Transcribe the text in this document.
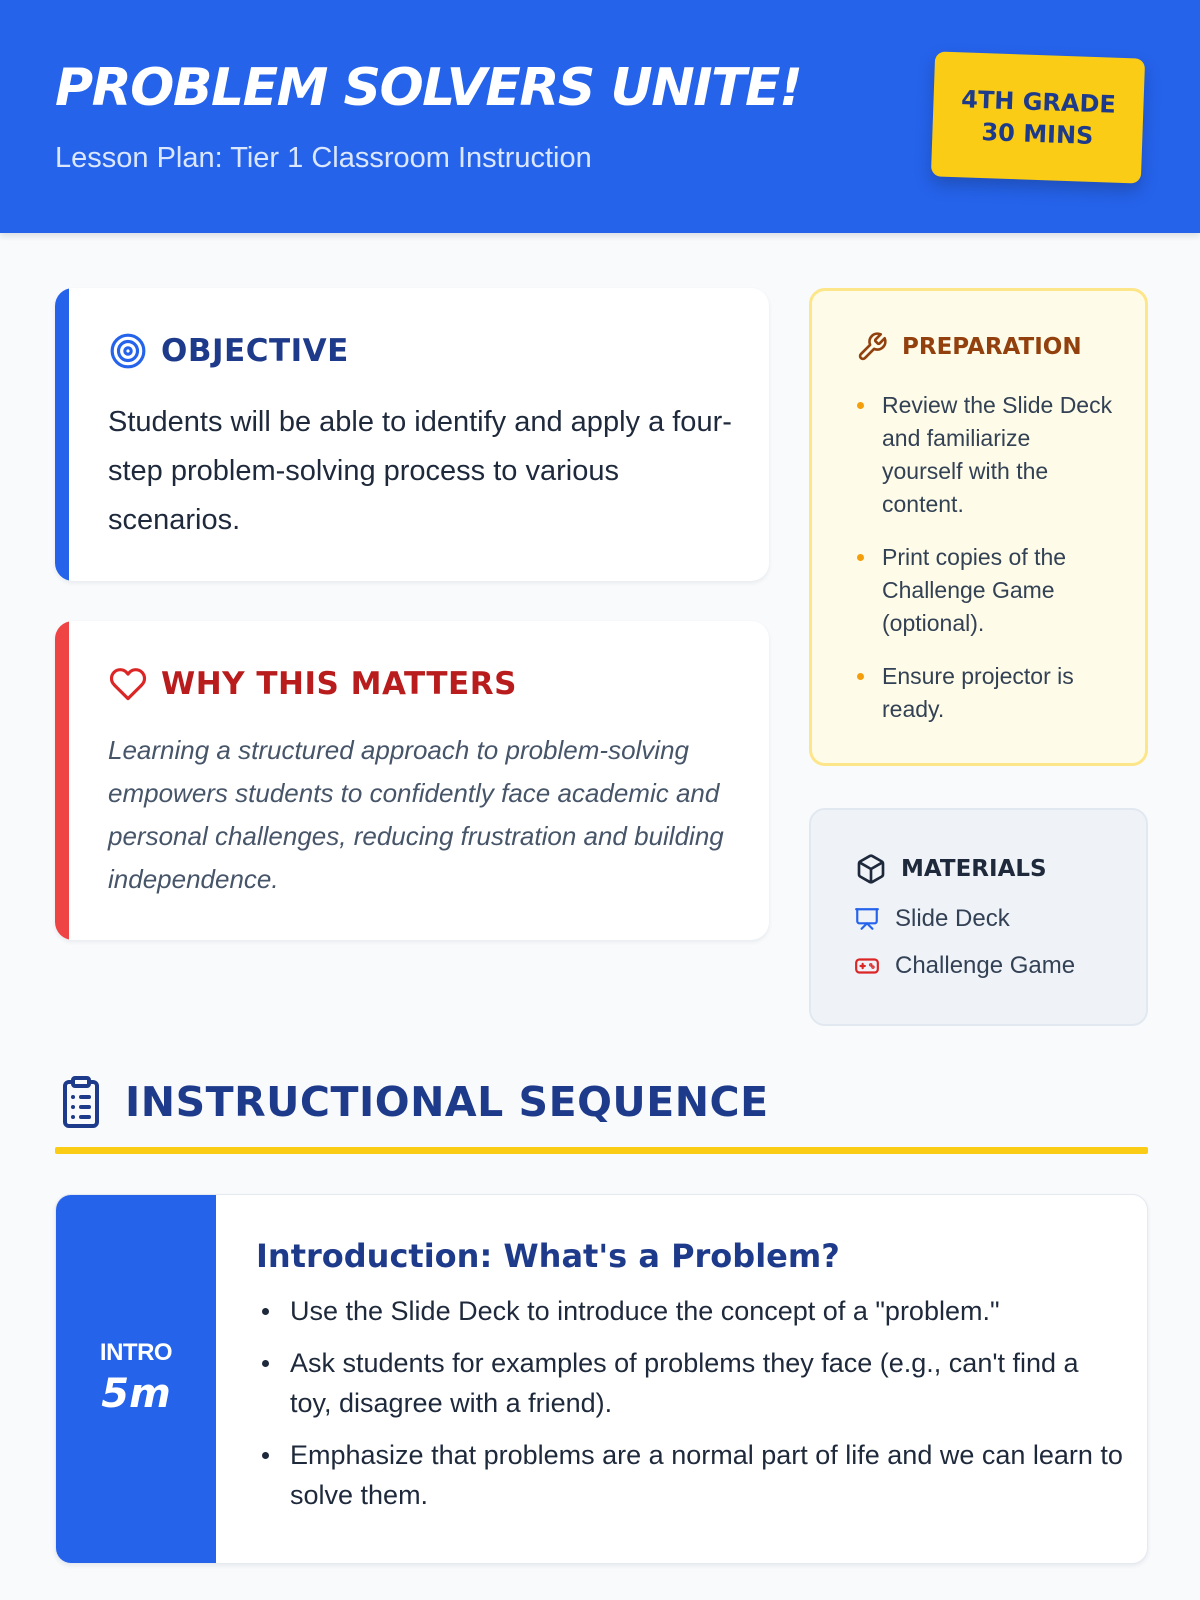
PROBLEM SOLVERS UNITE!
Lesson Plan: Tier 1 Classroom Instruction
4TH GRADE
30 MINS
OBJECTIVE
Students will be able to identify and apply a four-step problem-solving process to various scenarios.
WHY THIS MATTERS
Learning a structured approach to problem-solving empowers students to confidently face academic and personal challenges, reducing frustration and building independence.
PREPARATION
Review the Slide Deck and familiarize yourself with the content.
Print copies of the Challenge Game (optional).
Ensure projector is ready.
MATERIALS
Slide Deck
Challenge Game
INSTRUCTIONAL SEQUENCE
INTRO
5m
Introduction: What's a Problem?
Use the Slide Deck to introduce the concept of a "problem."
Ask students for examples of problems they face (e.g., can't find a toy, disagree with a friend).
Emphasize that problems are a normal part of life and we can learn to solve them.
